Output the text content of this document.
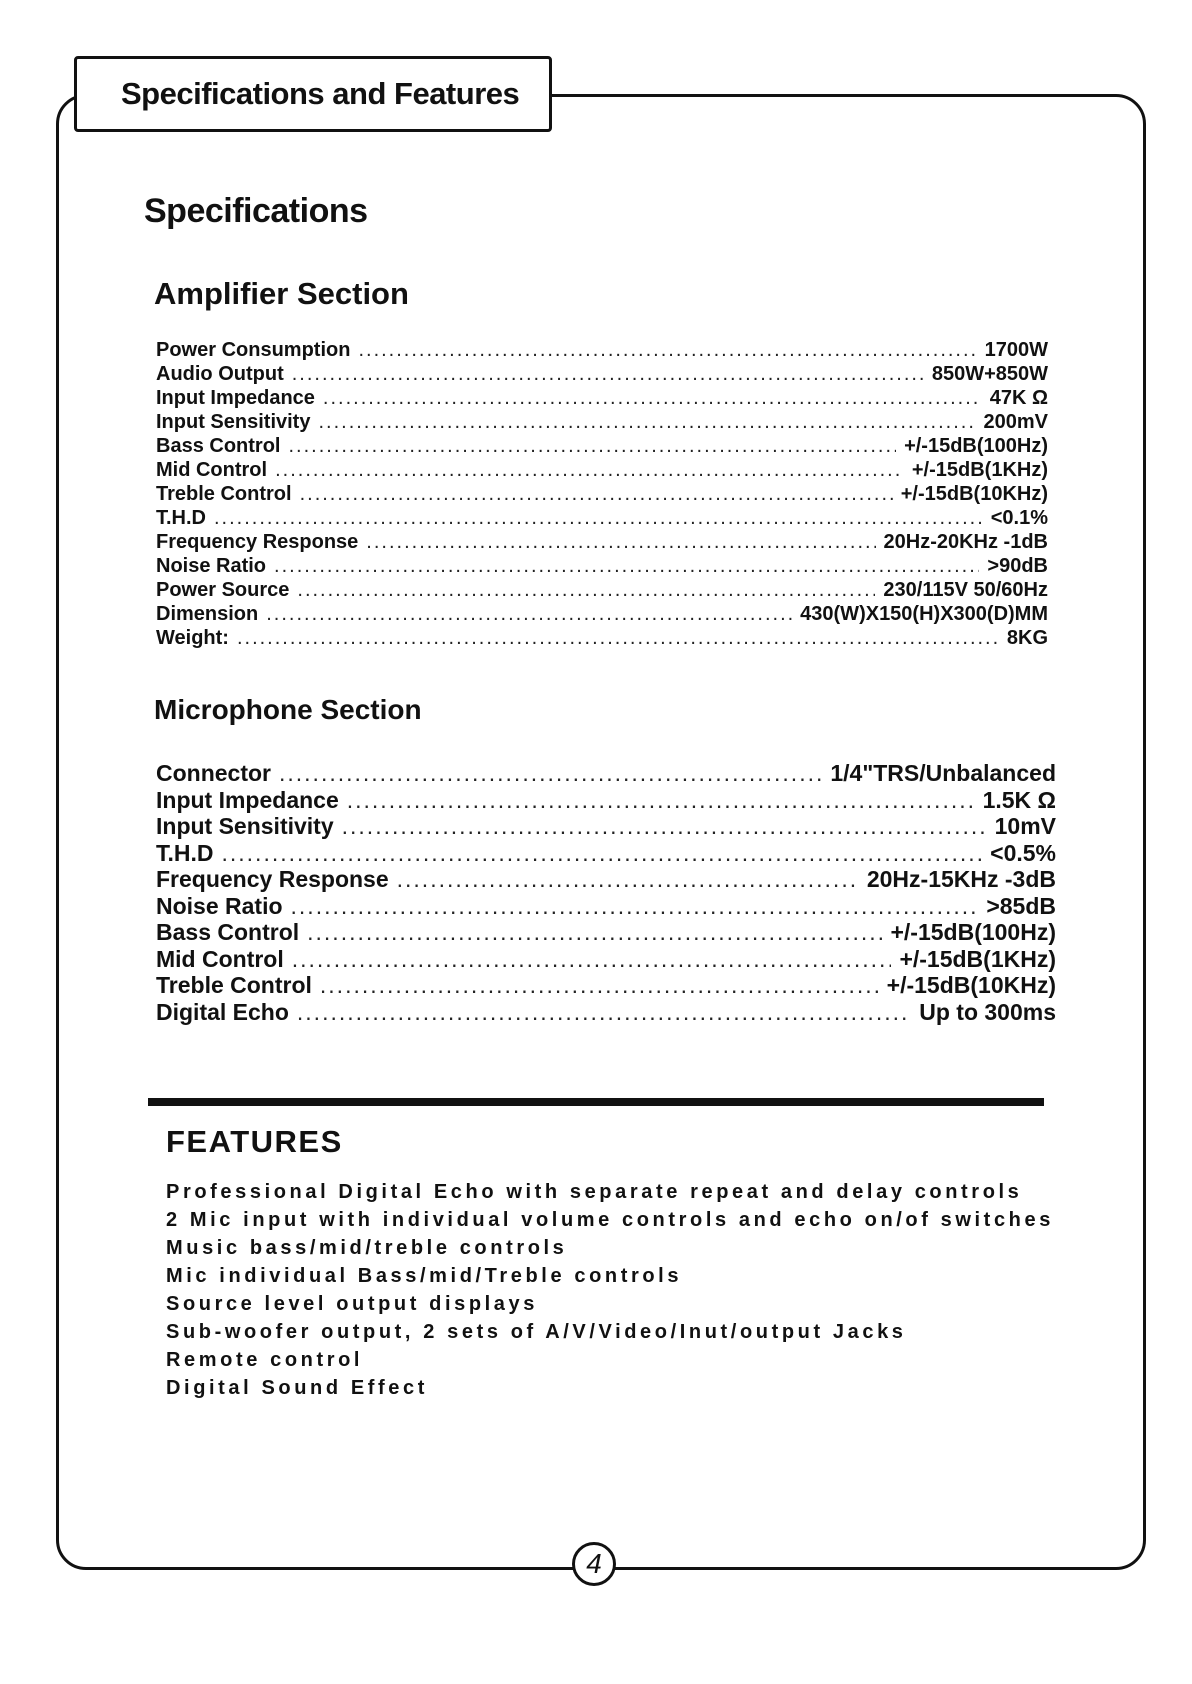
Specifications and Features
Specifications
Amplifier Section
Power Consumption .....	1700W
Audio Output .....	850W+850W
Input Impedance .....	47K Ω
Input Sensitivity .....	200mV
Bass Control .....	+/-15dB(100Hz)
Mid Control .....	+/-15dB(1KHz)
Treble Control .....	+/-15dB(10KHz)
T.H.D .....	<0.1%
Frequency Response .....	20Hz-20KHz -1dB
Noise Ratio .....	>90dB
Power Source .....	230/115V 50/60Hz
Dimension .....	430(W)X150(H)X300(D)MM
Weight: .....	8KG
Microphone Section
Connector .....	1/4"TRS/Unbalanced
Input Impedance .....	1.5K Ω
Input Sensitivity .....	10mV
T.H.D .....	<0.5%
Frequency Response .....	20Hz-15KHz -3dB
Noise Ratio .....	>85dB
Bass Control .....	+/-15dB(100Hz)
Mid Control .....	+/-15dB(1KHz)
Treble Control .....	+/-15dB(10KHz)
Digital Echo .....	Up to 300ms
FEATURES
Professional Digital Echo with separate repeat and delay controls
2 Mic input with individual volume controls and echo on/of switches
Music bass/mid/treble controls
Mic individual Bass/mid/Treble controls
Source level output displays
Sub-woofer output, 2 sets of A/V/Video/Inut/output Jacks
Remote control
Digital Sound Effect
4
